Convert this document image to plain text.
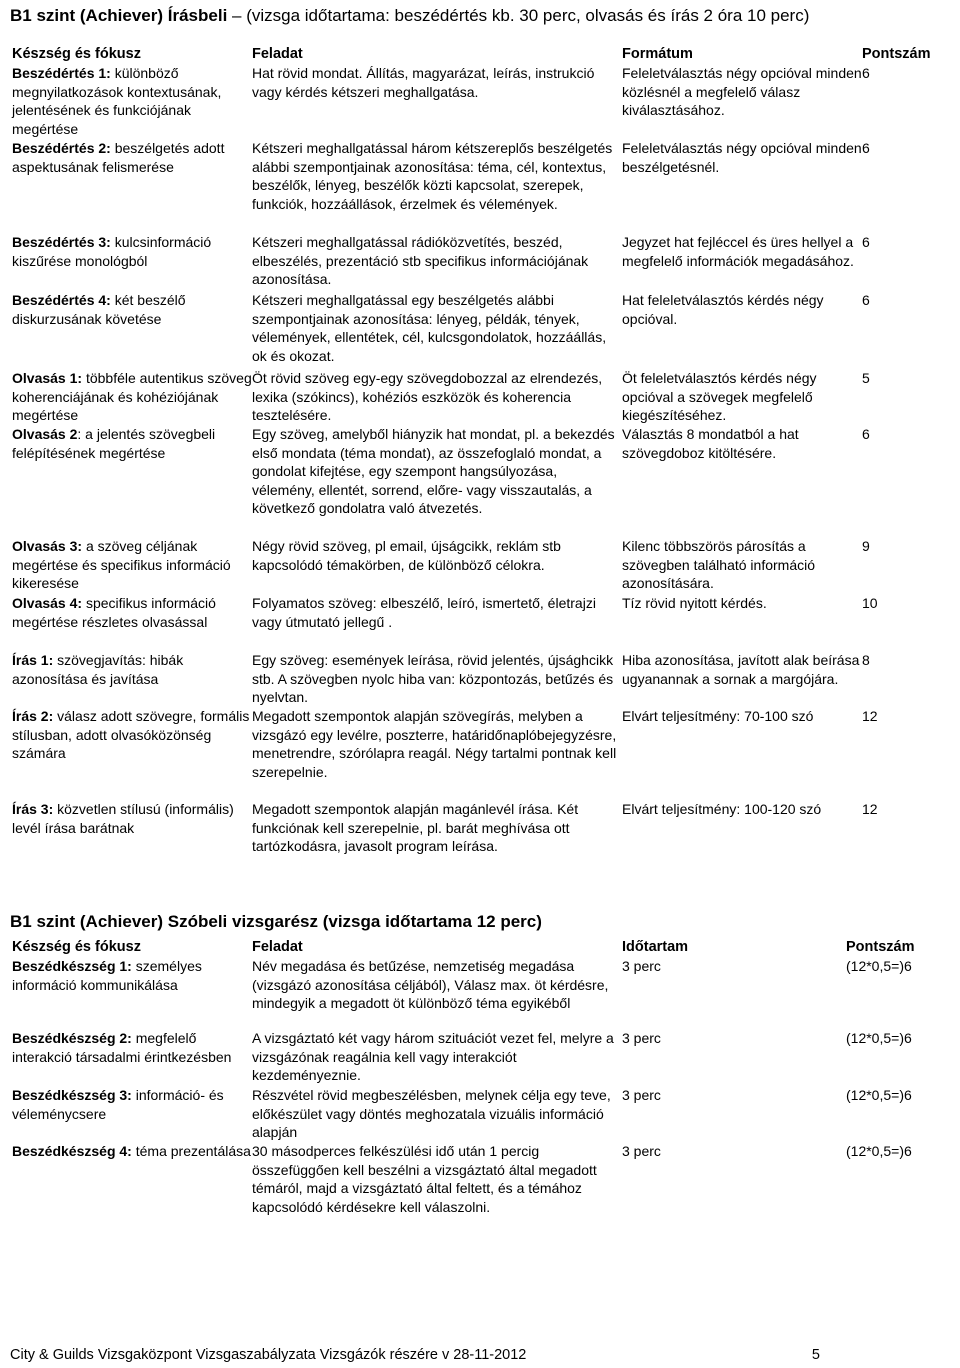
B1 szint (Achiever) Írásbeli – (vizsga időtartama: beszédértés kb. 30 perc, olvasás és írás 2 óra 10 perc)
Készség és fókusz	Feladat	Formátum	Pontszám
Beszédértés 1: különböző megnyilatkozások kontextusának, jelentésének és funkciójának megértése	Hat rövid mondat. Állítás, magyarázat, leírás, instrukció vagy kérdés kétszeri meghallgatása.	Feleletválasztás négy opcióval minden közlésnél a megfelelő válasz kiválasztásához.	6
Beszédértés 2: beszélgetés adott aspektusának felismerése	Kétszeri meghallgatással három kétszereplős beszélgetés alábbi szempontjainak azonosítása: téma, cél, kontextus, beszélők, lényeg, beszélők közti kapcsolat, szerepek, funkciók, hozzáállások, érzelmek és vélemények.	Feleletválasztás négy opcióval minden beszélgetésnél.	6
Beszédértés 3: kulcsinformáció kiszűrése monológból	Kétszeri meghallgatással rádióközvetítés, beszéd, elbeszélés, prezentáció stb specifikus információjának azonosítása.	Jegyzet hat fejléccel és üres hellyel a megfelelő információk megadásához.	6
Beszédértés 4: két beszélő diskurzusának követése	Kétszeri meghallgatással egy beszélgetés alábbi szempontjainak azonosítása: lényeg, példák, tények, vélemények, ellentétek, cél, kulcsgondolatok, hozzáállás, ok és okozat.	Hat feleletválasztós kérdés négy opcióval.	6
Olvasás 1: többféle autentikus szöveg koherenciájának és kohéziójának megértése	Öt rövid szöveg egy-egy szövegdobozzal az elrendezés, lexika (szókincs), kohéziós eszközök és koherencia tesztelésére.	Öt feleletválasztós kérdés négy opcióval a szövegek megfelelő kiegészítéséhez.	5
Olvasás 2: a jelentés szövegbeli felépítésének megértése	Egy szöveg, amelyből hiányzik hat mondat, pl. a bekezdés első mondata (téma mondat), az összefoglaló mondat, a gondolat kifejtése, egy szempont hangsúlyozása, vélemény, ellentét, sorrend, előre- vagy visszautalás, a következő gondolatra való átvezetés.	Választás 8 mondatból a hat szövegdoboz kitöltésére.	6
Olvasás 3: a szöveg céljának megértése és specifikus információ kikeresése	Négy rövid szöveg, pl email, újságcikk, reklám stb kapcsolódó témakörben, de különböző célokra.	Kilenc többszörös párosítás a szövegben található információ azonosítására.	9
Olvasás 4: specifikus információ megértése részletes olvasással	Folyamatos szöveg: elbeszélő, leíró, ismertető, életrajzi vagy útmutató jellegű .	Tíz rövid nyitott kérdés.	10
Írás 1: szövegjavítás: hibák azonosítása és javítása	Egy szöveg: események leírása, rövid jelentés, újsághcikk stb. A szövegben nyolc hiba van: központozás, betűzés és nyelvtan.	Hiba azonosítása, javított alak beírása ugyanannak a sornak a margójára.	8
Írás 2: válasz adott szövegre, formális stílusban, adott olvasóközönség számára	Megadott szempontok alapján szövegírás, melyben a vizsgázó egy levélre, poszterre, határidőnaplóbejegyzésre, menetrendre, szórólapra reagál. Négy tartalmi pontnak kell szerepelnie.	Elvárt teljesítmény: 70-100 szó	12
Írás 3: közvetlen stílusú (informális) levél írása barátnak	Megadott szempontok alapján magánlevél írása. Két funkciónak kell szerepelnie, pl. barát meghívása ott tartózkodásra, javasolt program leírása.	Elvárt teljesítmény: 100-120 szó	12
B1 szint (Achiever) Szóbeli vizsgarész (vizsga időtartama 12 perc)
Készség és fókusz	Feladat	Időtartam	Pontszám
Beszédkészség 1: személyes információ kommunikálása	Név megadása és betűzése, nemzetiség megadása (vizsgázó azonosítása céljából), Válasz max. öt kérdésre, mindegyik a megadott öt különböző téma egyikéből	3 perc	(12*0,5=)6
Beszédkészség 2: megfelelő interakció társadalmi érintkezésben	A vizsgáztató két vagy három szituációt vezet fel, melyre a vizsgázónak reagálnia kell vagy interakciót kezdeményeznie.	3 perc	(12*0,5=)6
Beszédkészség 3: információ- és véleménycsere	Részvétel rövid megbeszélésben, melynek célja egy teve, előkészület vagy döntés meghozatala vizuális információ alapján	3 perc	(12*0,5=)6
Beszédkészség 4: téma prezentálása	30 másodperces felkészülési idő után 1 percig összefüggően kell beszélni a vizsgáztató által megadott témáról, majd a vizsgáztató által feltett, és a témához kapcsolódó kérdésekre kell válaszolni.	3 perc	(12*0,5=)6
City & Guilds Vizsgaközpont Vizsgaszabályzata Vizsgázók részére v 28-11-2012	5
